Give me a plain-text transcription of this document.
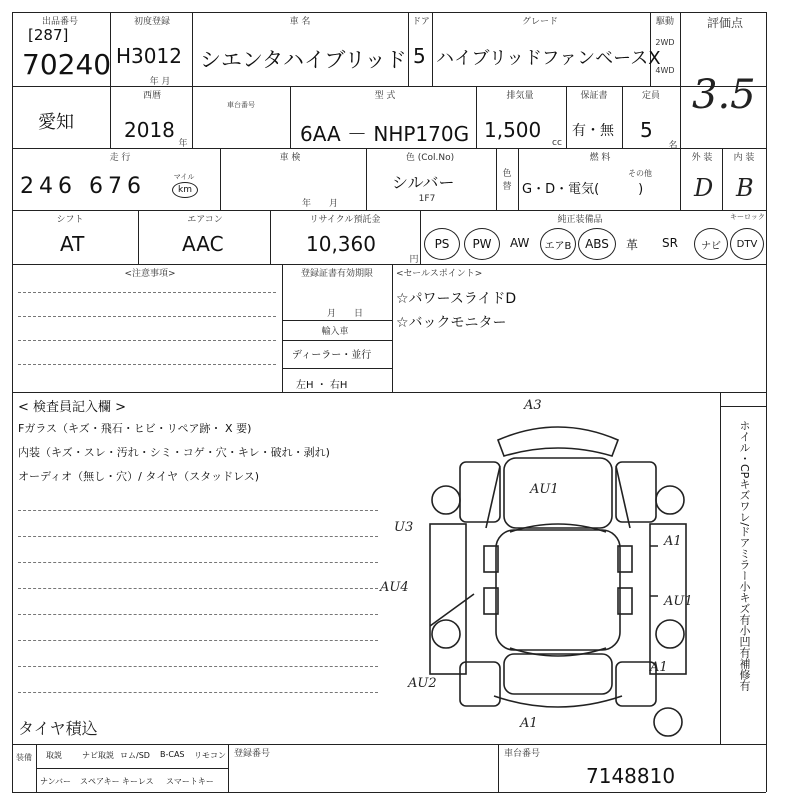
出品番号
[287]
70240
初度登録
H3012
年 月
車 名
シエンタハイブリッド
ドア
5
グレード
ハイブリッドファンベースX
駆動
2WD
4WD
評価点
3.5
愛知
西暦
2018
年
車台番号
型 式
6AA － NHP170G
排気量
1,500
cc
保証書
有・無
定員
5
名
走 行
246 676	マイル
km
車 検
年　　月
色 (Col.No)
シルバー
1F7
色替
燃 料
その他
G・D・電気(　　　)
外 装
D
内 装
B
シフト
AT
エアコン
AAC
リサイクル預託金
10,360
円
純正装備品	キーロック
PS	PW	AW	エアB	ABS	革 SR	ナビ	DTV
<注意事項>	登録証書有効期限
月　　日
輸入車
ディーラー・並行
左H ・ 右H
<セールスポイント>
☆パワースライドD
☆バックモニター
< 検査員記入欄 >
Fガラス（キズ・飛石・ヒビ・リペア跡・ X 要)
内装（キズ・スレ・汚れ・シミ・コゲ・穴・キレ・破れ・剥れ)
オーディオ（無し・穴）/ タイヤ（スタッドレス)
タイヤ積込
ホイル・CPキズワレ/ドアミラー小キズ有小凹有補修有
A3
AU1
A1
U3
AU4
AU1
A1
AU2
A1
装備 取説	ナビ取説 ロム/SD B-CAS リモコン
ナンバー スペアキー キーレス スマートキー
登録番号	車台番号
7148810
